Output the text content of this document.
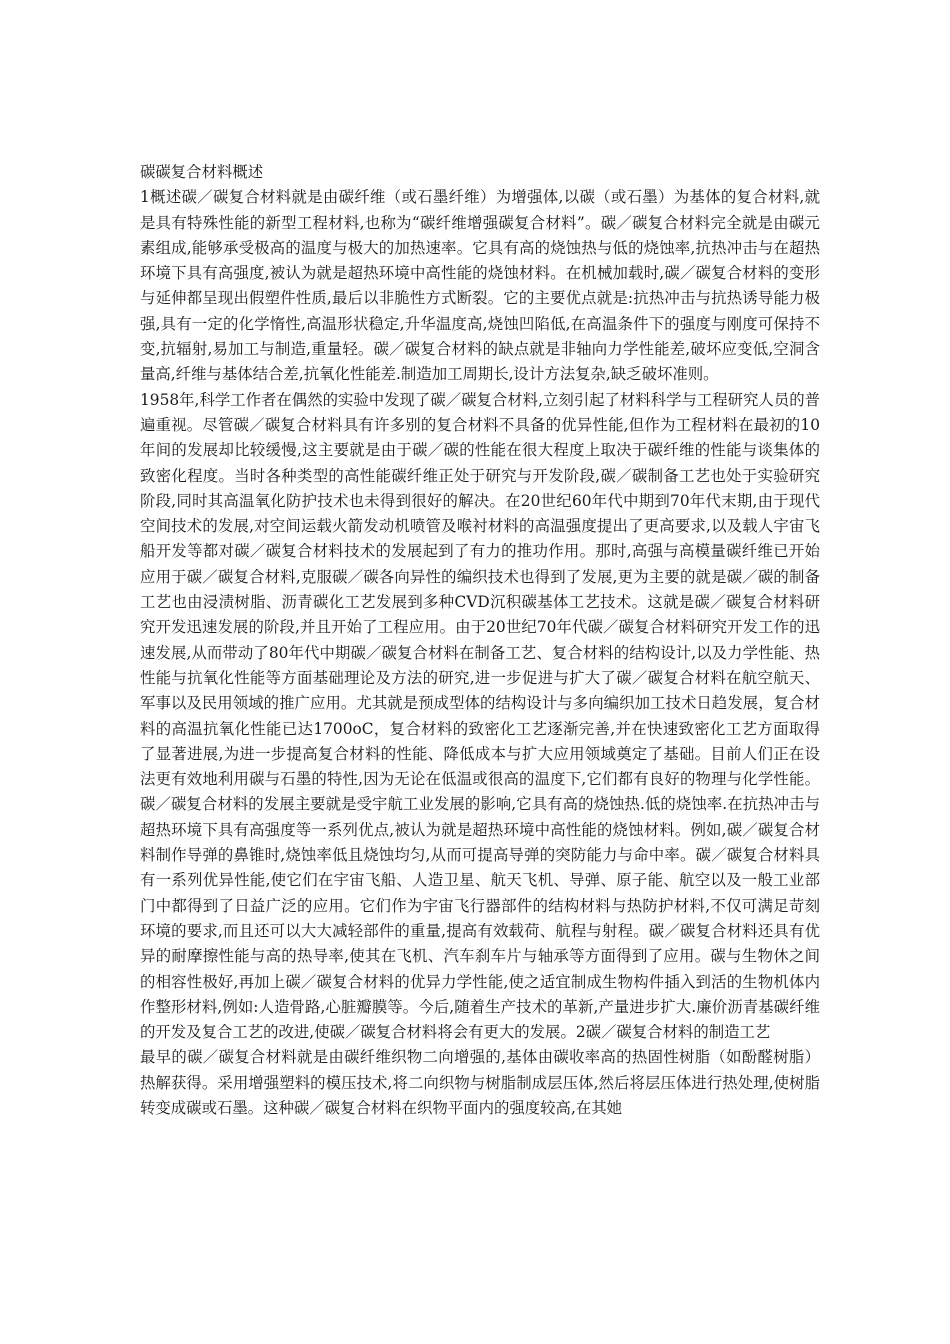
碳碳复合材料概述

1概述碳／碳复合材料就是由碳纤维（或石墨纤维）为增强体,以碳（或石墨）为基体的复合材料,就是具有特殊性能的新型工程材料,也称为“碳纤维增强碳复合材料”。碳／碳复合材料完全就是由碳元素组成,能够承受极高的温度与极大的加热速率。它具有高的烧蚀热与低的烧蚀率,抗热冲击与在超热环境下具有高强度,被认为就是超热环境中高性能的烧蚀材料。在机械加载时,碳／碳复合材料的变形与延伸都呈现出假塑件性质,最后以非脆性方式断裂。它的主要优点就是:抗热冲击与抗热诱导能力极强,具有一定的化学惰性,高温形状稳定,升华温度高,烧蚀凹陷低,在高温条件下的强度与刚度可保持不变,抗辐射,易加工与制造,重量轻。碳／碳复合材料的缺点就是非轴向力学性能差,破坏应变低,空洞含量高,纤维与基体结合差,抗氧化性能差.制造加工周期长,设计方法复杂,缺乏破坏准则。

1958年,科学工作者在偶然的实验中发现了碳／碳复合材料,立刻引起了材料科学与工程研究人员的普遍重视。尽管碳／碳复合材料具有许多别的复合材料不具备的优异性能,但作为工程材料在最初的10年间的发展却比较缓慢,这主要就是由于碳／碳的性能在很大程度上取决于碳纤维的性能与谈集体的致密化程度。当时各种类型的高性能碳纤维正处于研究与开发阶段,碳／碳制备工艺也处于实验研究阶段,同时其高温氧化防护技术也未得到很好的解决。在20世纪60年代中期到70年代末期,由于现代空间技术的发展,对空间运载火箭发动机喷管及喉衬材料的高温强度提出了更高要求,以及载人宇宙飞船开发等都对碳／碳复合材料技术的发展起到了有力的推功作用。那时,高强与高模量碳纤维已开始应用于碳／碳复合材料,克服碳／碳各向异性的编织技术也得到了发展,更为主要的就是碳／碳的制备工艺也由浸渍树脂、沥青碳化工艺发展到多种CVD沉积碳基体工艺技术。这就是碳／碳复合材料研究开发迅速发展的阶段,并且开始了工程应用。由于20世纪70年代碳／碳复合材料研究开发工作的迅速发展,从而带动了80年代中期碳／碳复合材料在制备工艺、复合材料的结构设计,以及力学性能、热性能与抗氧化性能等方面基础理论及方法的研究,进一步促进与扩大了碳／碳复合材料在航空航天、军事以及民用领域的推广应用。尤其就是预成型体的结构设计与多向编织加工技术日趋发展，复合材料的高温抗氧化性能已达1700oC，复合材料的致密化工艺逐渐完善,并在快速致密化工艺方面取得了显著进展,为进一步提高复合材料的性能、降低成本与扩大应用领域奠定了基础。目前人们正在设法更有效地利用碳与石墨的特性,因为无论在低温或很高的温度下,它们都有良好的物理与化学性能。碳／碳复合材料的发展主要就是受宇航工业发展的影响,它具有高的烧蚀热.低的烧蚀率.在抗热冲击与超热环境下具有高强度等一系列优点,被认为就是超热环境中高性能的烧蚀材料。例如,碳／碳复合材料制作导弹的鼻锥时,烧蚀率低且烧蚀均匀,从而可提高导弹的突防能力与命中率。碳／碳复合材料具有一系列优异性能,使它们在宇宙飞船、人造卫星、航天飞机、导弹、原子能、航空以及一般工业部门中都得到了日益广泛的应用。它们作为宇宙飞行器部件的结构材料与热防护材料,不仅可满足苛刻环境的要求,而且还可以大大减轻部件的重量,提高有效载荷、航程与射程。碳／碳复合材料还具有优异的耐摩擦性能与高的热导率,使其在飞机、汽车刹车片与轴承等方面得到了应用。碳与生物休之间的相容性极好,再加上碳／碳复合材料的优异力学性能,使之适宜制成生物构件插入到活的生物机体内作整形材料,例如:人造骨路,心脏瓣膜等。今后,随着生产技术的革新,产量进步扩大.廉价沥青基碳纤维的开发及复合工艺的改进,使碳／碳复合材料将会有更大的发展。2碳／碳复合材料的制造工艺

最早的碳／碳复合材料就是由碳纤维织物二向增强的,基体由碳收率高的热固性树脂（如酚醛树脂）热解获得。采用增强塑料的模压技术,将二向织物与树脂制成层压体,然后将层压体进行热处理,使树脂转变成碳或石墨。这种碳／碳复合材料在织物平面内的强度较高,在其她
